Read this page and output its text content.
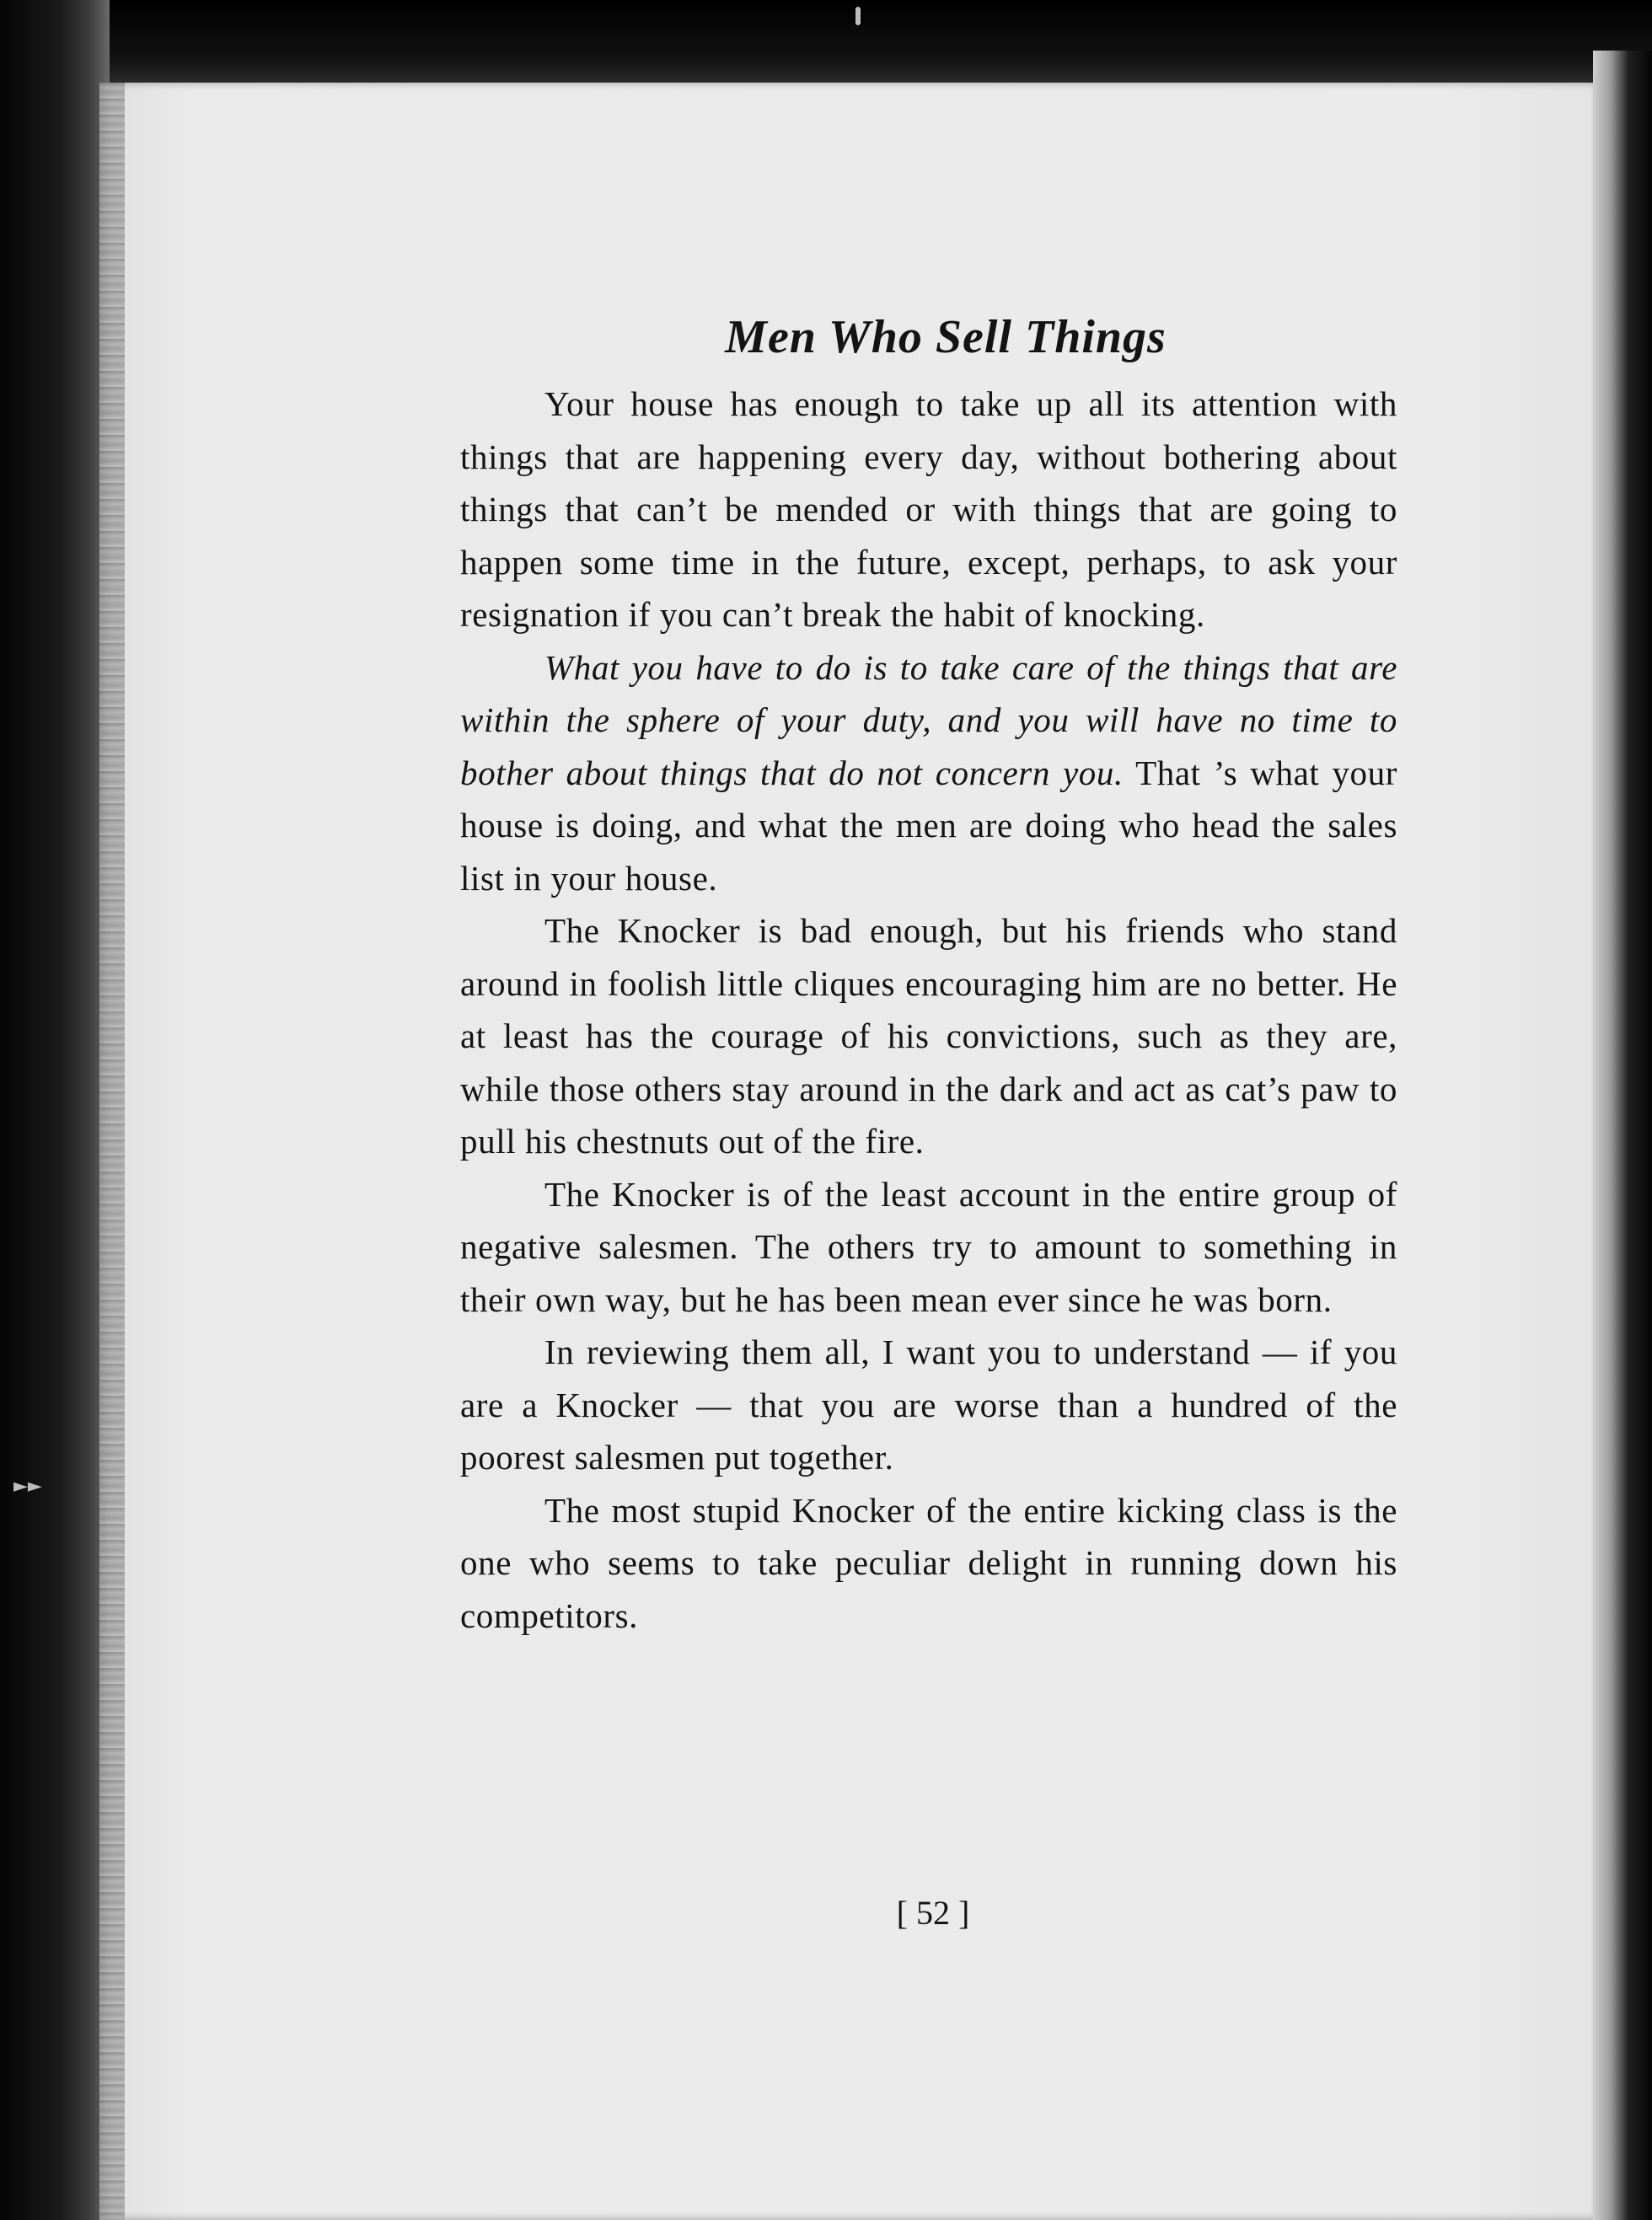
►►
Men Who Sell Things

Your house has enough to take up all its attention with things that are happening every day, without bothering about things that can’t be mended or with things that are going to happen some time in the future, except, perhaps, to ask your resignation if you can’t break the habit of knocking.

What you have to do is to take care of the things that are within the sphere of your duty, and you will have no time to bother about things that do not concern you. That ’s what your house is doing, and what the men are doing who head the sales list in your house.

The Knocker is bad enough, but his friends who stand around in foolish little cliques encouraging him are no better. He at least has the courage of his convictions, such as they are, while those others stay around in the dark and act as cat’s paw to pull his chestnuts out of the fire.

The Knocker is of the least account in the entire group of negative salesmen. The others try to amount to something in their own way, but he has been mean ever since he was born.

In reviewing them all, I want you to understand — if you are a Knocker — that you are worse than a hundred of the poorest salesmen put together.

The most stupid Knocker of the entire kicking class is the one who seems to take peculiar delight in running down his competitors.

[ 52 ]
